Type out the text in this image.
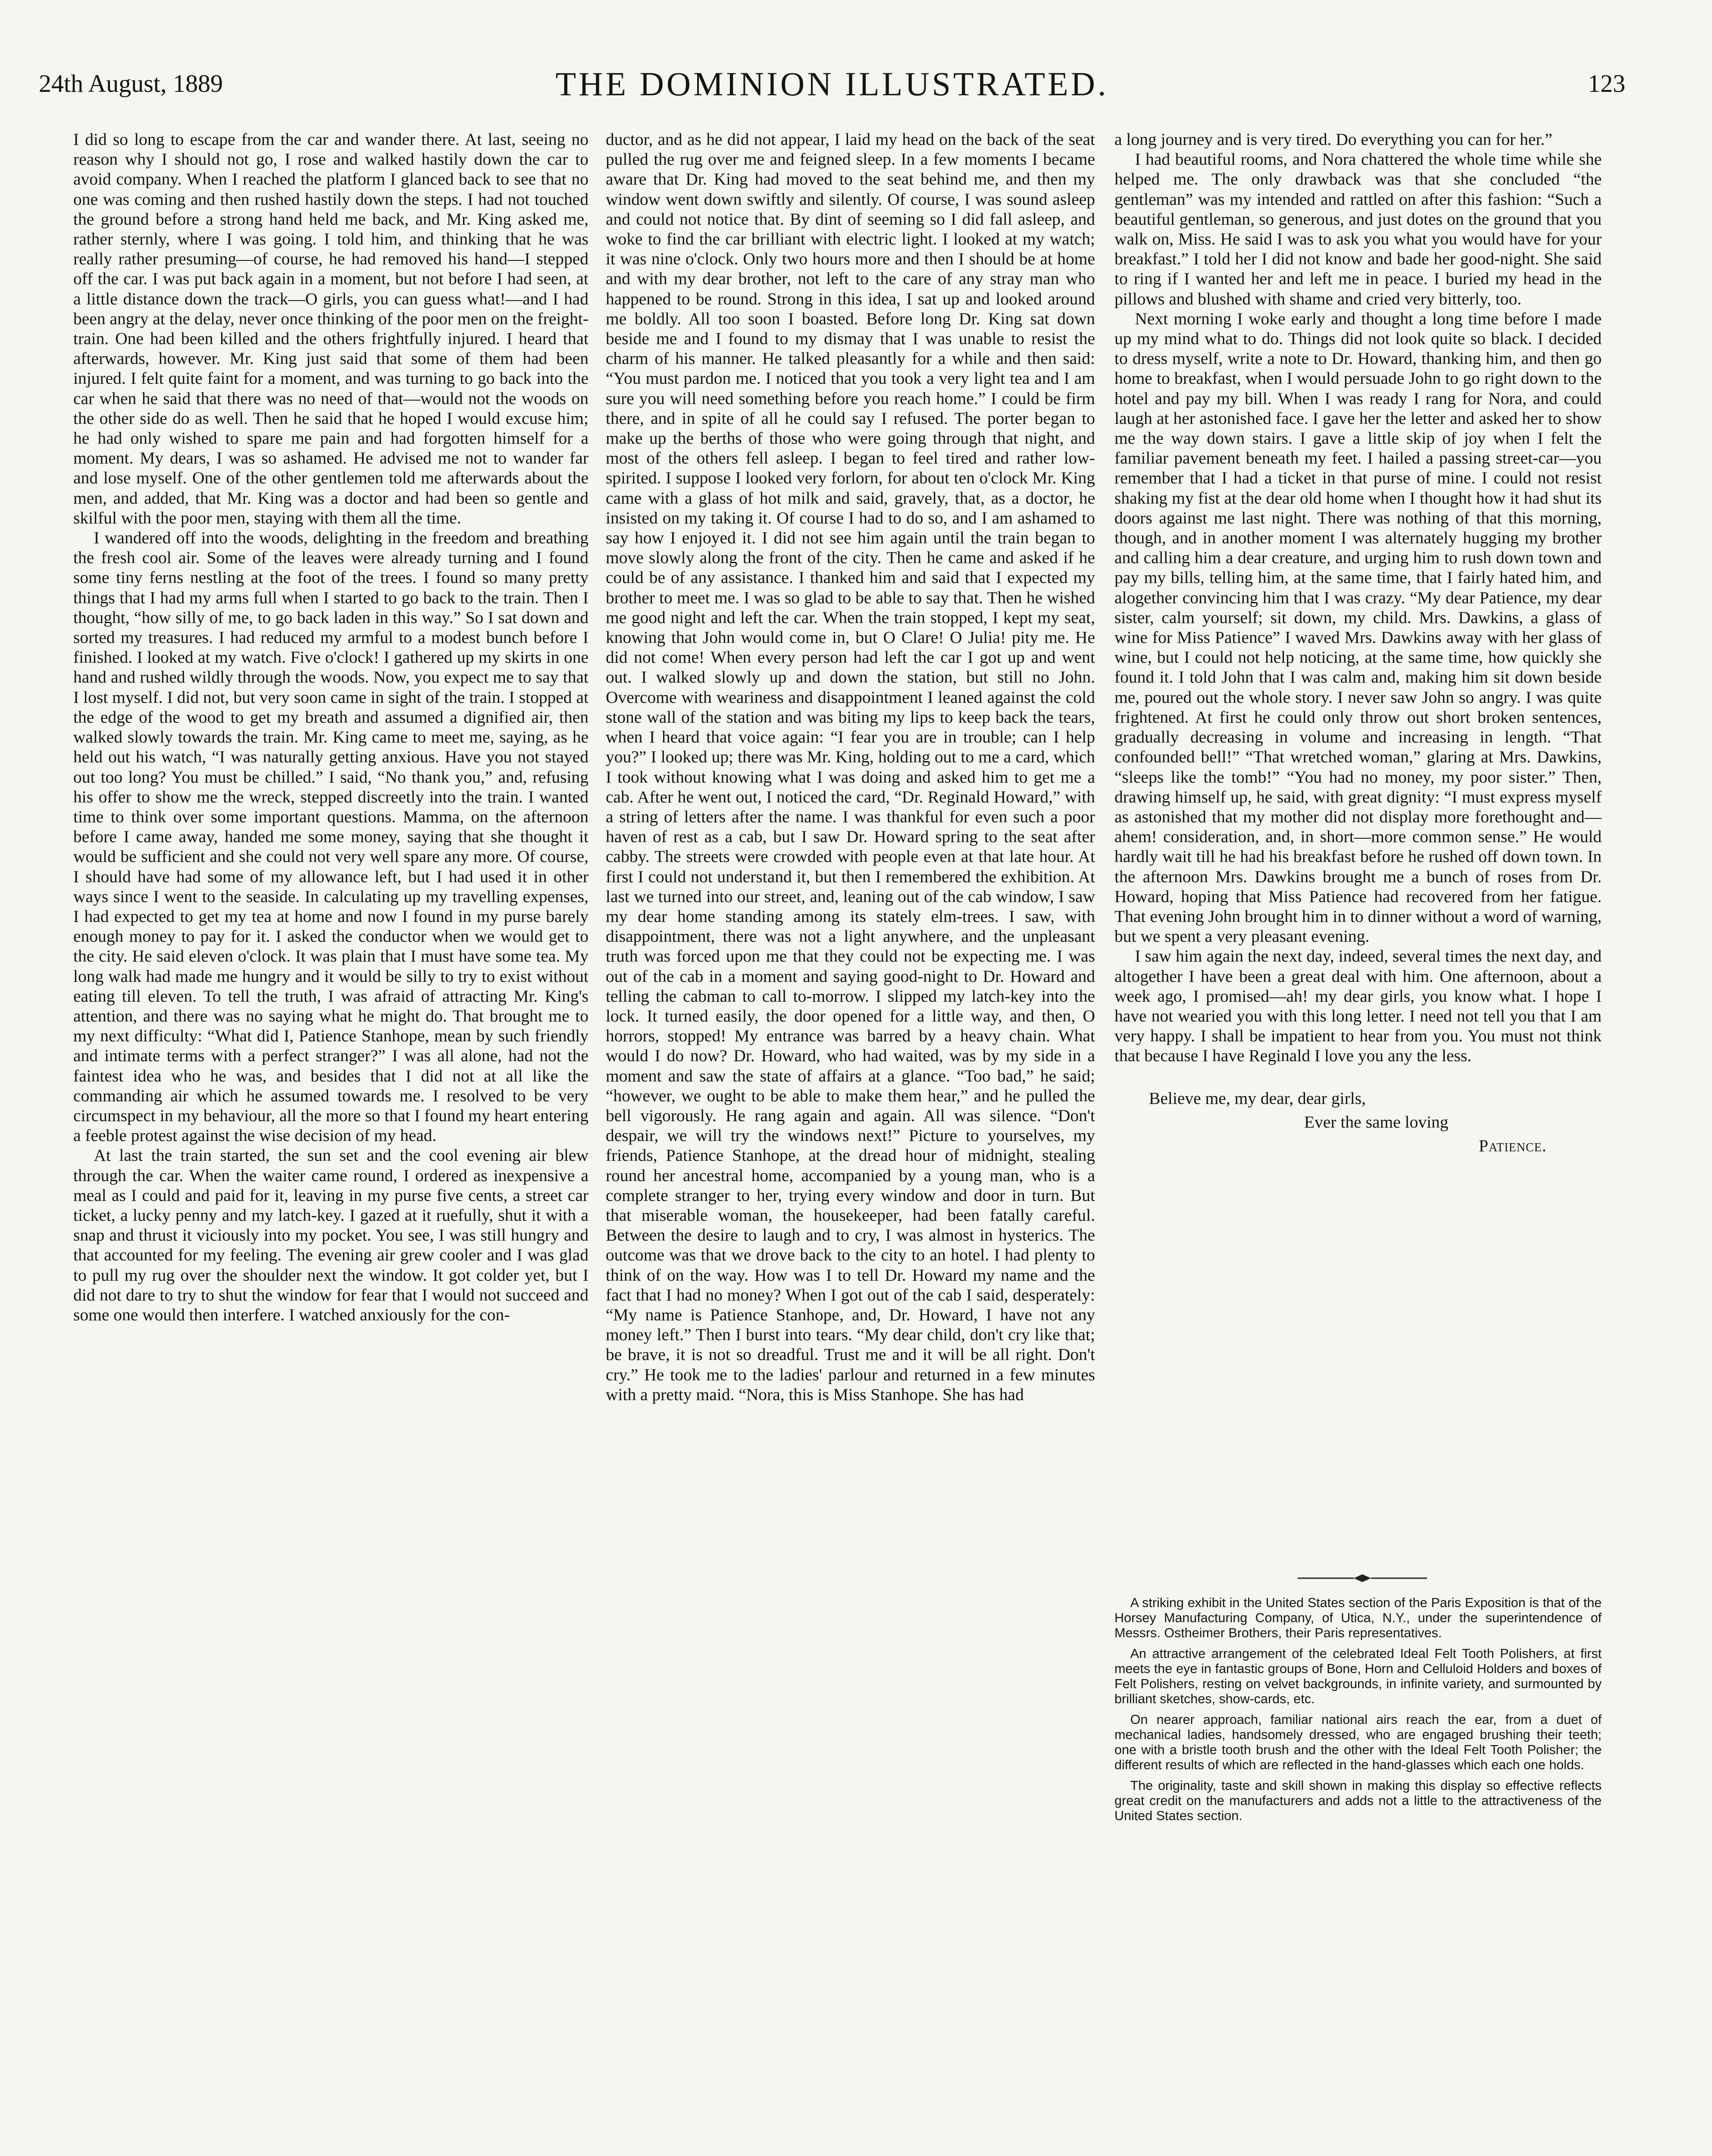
24th August, 1889	THE DOMINION ILLUSTRATED.	123

I did so long to escape from the car and wander there. At last, seeing no reason why I should not go, I rose and walked hastily down the car to avoid company. When I reached the platform I glanced back to see that no one was coming and then rushed hastily down the steps. I had not touched the ground before a strong hand held me back, and Mr. King asked me, rather sternly, where I was going. I told him, and thinking that he was really rather presuming—of course, he had removed his hand—I stepped off the car. I was put back again in a moment, but not before I had seen, at a little distance down the track—O girls, you can guess what!—and I had been angry at the delay, never once thinking of the poor men on the freight-train. One had been killed and the others frightfully injured. I heard that afterwards, however. Mr. King just said that some of them had been injured. I felt quite faint for a moment, and was turning to go back into the car when he said that there was no need of that—would not the woods on the other side do as well. Then he said that he hoped I would excuse him; he had only wished to spare me pain and had forgotten himself for a moment. My dears, I was so ashamed. He advised me not to wander far and lose myself. One of the other gentlemen told me afterwards about the men, and added, that Mr. King was a doctor and had been so gentle and skilful with the poor men, staying with them all the time.

I wandered off into the woods, delighting in the freedom and breathing the fresh cool air. Some of the leaves were already turning and I found some tiny ferns nestling at the foot of the trees. I found so many pretty things that I had my arms full when I started to go back to the train. Then I thought, “how silly of me, to go back laden in this way.” So I sat down and sorted my treasures. I had reduced my armful to a modest bunch before I finished. I looked at my watch. Five o'clock! I gathered up my skirts in one hand and rushed wildly through the woods. Now, you expect me to say that I lost myself. I did not, but very soon came in sight of the train. I stopped at the edge of the wood to get my breath and assumed a dignified air, then walked slowly towards the train. Mr. King came to meet me, saying, as he held out his watch, “I was naturally getting anxious. Have you not stayed out too long? You must be chilled.” I said, “No thank you,” and, refusing his offer to show me the wreck, stepped discreetly into the train. I wanted time to think over some important questions. Mamma, on the afternoon before I came away, handed me some money, saying that she thought it would be sufficient and she could not very well spare any more. Of course, I should have had some of my allowance left, but I had used it in other ways since I went to the seaside. In calculating up my travelling expenses, I had expected to get my tea at home and now I found in my purse barely enough money to pay for it. I asked the conductor when we would get to the city. He said eleven o'clock. It was plain that I must have some tea. My long walk had made me hungry and it would be silly to try to exist without eating till eleven. To tell the truth, I was afraid of attracting Mr. King's attention, and there was no saying what he might do. That brought me to my next difficulty: “What did I, Patience Stanhope, mean by such friendly and intimate terms with a perfect stranger?” I was all alone, had not the faintest idea who he was, and besides that I did not at all like the commanding air which he assumed towards me. I resolved to be very circumspect in my behaviour, all the more so that I found my heart entering a feeble protest against the wise decision of my head.

At last the train started, the sun set and the cool evening air blew through the car. When the waiter came round, I ordered as inexpensive a meal as I could and paid for it, leaving in my purse five cents, a street car ticket, a lucky penny and my latch-key. I gazed at it ruefully, shut it with a snap and thrust it viciously into my pocket. You see, I was still hungry and that accounted for my feeling. The evening air grew cooler and I was glad to pull my rug over the shoulder next the window. It got colder yet, but I did not dare to try to shut the window for fear that I would not succeed and some one would then interfere. I watched anxiously for the con-

ductor, and as he did not appear, I laid my head on the back of the seat pulled the rug over me and feigned sleep. In a few moments I became aware that Dr. King had moved to the seat behind me, and then my window went down swiftly and silently. Of course, I was sound asleep and could not notice that. By dint of seeming so I did fall asleep, and woke to find the car brilliant with electric light. I looked at my watch; it was nine o'clock. Only two hours more and then I should be at home and with my dear brother, not left to the care of any stray man who happened to be round. Strong in this idea, I sat up and looked around me boldly. All too soon I boasted. Before long Dr. King sat down beside me and I found to my dismay that I was unable to resist the charm of his manner. He talked pleasantly for a while and then said: “You must pardon me. I noticed that you took a very light tea and I am sure you will need something before you reach home.” I could be firm there, and in spite of all he could say I refused. The porter began to make up the berths of those who were going through that night, and most of the others fell asleep. I began to feel tired and rather low-spirited. I suppose I looked very forlorn, for about ten o'clock Mr. King came with a glass of hot milk and said, gravely, that, as a doctor, he insisted on my taking it. Of course I had to do so, and I am ashamed to say how I enjoyed it. I did not see him again until the train began to move slowly along the front of the city. Then he came and asked if he could be of any assistance. I thanked him and said that I expected my brother to meet me. I was so glad to be able to say that. Then he wished me good night and left the car. When the train stopped, I kept my seat, knowing that John would come in, but O Clare! O Julia! pity me. He did not come! When every person had left the car I got up and went out. I walked slowly up and down the station, but still no John. Overcome with weariness and disappointment I leaned against the cold stone wall of the station and was biting my lips to keep back the tears, when I heard that voice again: “I fear you are in trouble; can I help you?” I looked up; there was Mr. King, holding out to me a card, which I took without knowing what I was doing and asked him to get me a cab. After he went out, I noticed the card, “Dr. Reginald Howard,” with a string of letters after the name. I was thankful for even such a poor haven of rest as a cab, but I saw Dr. Howard spring to the seat after cabby. The streets were crowded with people even at that late hour. At first I could not understand it, but then I remembered the exhibition. At last we turned into our street, and, leaning out of the cab window, I saw my dear home standing among its stately elm-trees. I saw, with disappointment, there was not a light anywhere, and the unpleasant truth was forced upon me that they could not be expecting me. I was out of the cab in a moment and saying good-night to Dr. Howard and telling the cabman to call to-morrow. I slipped my latch-key into the lock. It turned easily, the door opened for a little way, and then, O horrors, stopped! My entrance was barred by a heavy chain. What would I do now? Dr. Howard, who had waited, was by my side in a moment and saw the state of affairs at a glance. “Too bad,” he said; “however, we ought to be able to make them hear,” and he pulled the bell vigorously. He rang again and again. All was silence. “Don't despair, we will try the windows next!” Picture to yourselves, my friends, Patience Stanhope, at the dread hour of midnight, stealing round her ancestral home, accompanied by a young man, who is a complete stranger to her, trying every window and door in turn. But that miserable woman, the housekeeper, had been fatally careful. Between the desire to laugh and to cry, I was almost in hysterics. The outcome was that we drove back to the city to an hotel. I had plenty to think of on the way. How was I to tell Dr. Howard my name and the fact that I had no money? When I got out of the cab I said, desperately: “My name is Patience Stanhope, and, Dr. Howard, I have not any money left.” Then I burst into tears. “My dear child, don't cry like that; be brave, it is not so dreadful. Trust me and it will be all right. Don't cry.” He took me to the ladies' parlour and returned in a few minutes with a pretty maid. “Nora, this is Miss Stanhope. She has had

a long journey and is very tired. Do everything you can for her.”

I had beautiful rooms, and Nora chattered the whole time while she helped me. The only drawback was that she concluded “the gentleman” was my intended and rattled on after this fashion: “Such a beautiful gentleman, so generous, and just dotes on the ground that you walk on, Miss. He said I was to ask you what you would have for your breakfast.” I told her I did not know and bade her good-night. She said to ring if I wanted her and left me in peace. I buried my head in the pillows and blushed with shame and cried very bitterly, too.

Next morning I woke early and thought a long time before I made up my mind what to do. Things did not look quite so black. I decided to dress myself, write a note to Dr. Howard, thanking him, and then go home to breakfast, when I would persuade John to go right down to the hotel and pay my bill. When I was ready I rang for Nora, and could laugh at her astonished face. I gave her the letter and asked her to show me the way down stairs. I gave a little skip of joy when I felt the familiar pavement beneath my feet. I hailed a passing street-car—you remember that I had a ticket in that purse of mine. I could not resist shaking my fist at the dear old home when I thought how it had shut its doors against me last night. There was nothing of that this morning, though, and in another moment I was alternately hugging my brother and calling him a dear creature, and urging him to rush down town and pay my bills, telling him, at the same time, that I fairly hated him, and alogether convincing him that I was crazy. “My dear Patience, my dear sister, calm yourself; sit down, my child. Mrs. Dawkins, a glass of wine for Miss Patience” I waved Mrs. Dawkins away with her glass of wine, but I could not help noticing, at the same time, how quickly she found it. I told John that I was calm and, making him sit down beside me, poured out the whole story. I never saw John so angry. I was quite frightened. At first he could only throw out short broken sentences, gradually decreasing in volume and increasing in length. “That confounded bell!” “That wretched woman,” glaring at Mrs. Dawkins, “sleeps like the tomb!” “You had no money, my poor sister.” Then, drawing himself up, he said, with great dignity: “I must express myself as astonished that my mother did not display more forethought and—ahem! consideration, and, in short—more common sense.” He would hardly wait till he had his breakfast before he rushed off down town. In the afternoon Mrs. Dawkins brought me a bunch of roses from Dr. Howard, hoping that Miss Patience had recovered from her fatigue. That evening John brought him in to dinner without a word of warning, but we spent a very pleasant evening.

I saw him again the next day, indeed, several times the next day, and altogether I have been a great deal with him. One afternoon, about a week ago, I promised—ah! my dear girls, you know what. I hope I have not wearied you with this long letter. I need not tell you that I am very happy. I shall be impatient to hear from you. You must not think that because I have Reginald I love you any the less.

Believe me, my dear, dear girls,
Ever the same loving
Patience.

A striking exhibit in the United States section of the Paris Exposition is that of the Horsey Manufacturing Company, of Utica, N.Y., under the superintendence of Messrs. Ostheimer Brothers, their Paris representatives.

An attractive arrangement of the celebrated Ideal Felt Tooth Polishers, at first meets the eye in fantastic groups of Bone, Horn and Celluloid Holders and boxes of Felt Polishers, resting on velvet backgrounds, in infinite variety, and surmounted by brilliant sketches, show-cards, etc.

On nearer approach, familiar national airs reach the ear, from a duet of mechanical ladies, handsomely dressed, who are engaged brushing their teeth; one with a bristle tooth brush and the other with the Ideal Felt Tooth Polisher; the different results of which are reflected in the hand-glasses which each one holds.

The originality, taste and skill shown in making this display so effective reflects great credit on the manufacturers and adds not a little to the attractiveness of the United States section.
